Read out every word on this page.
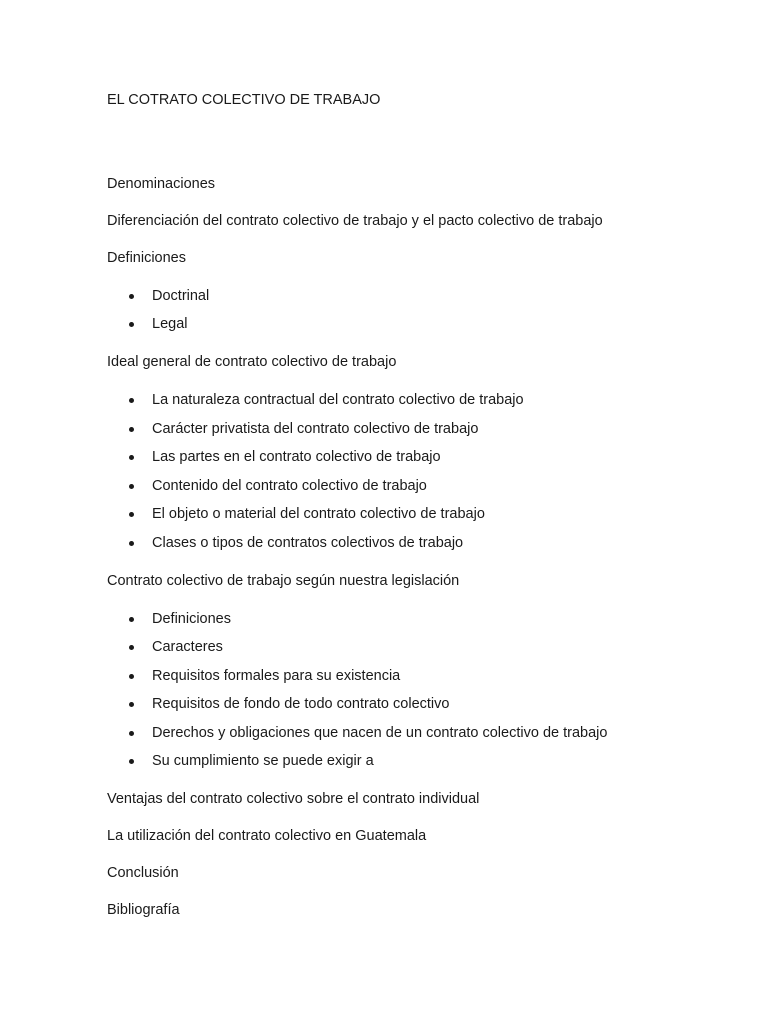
EL COTRATO COLECTIVO DE TRABAJO

Denominaciones

Diferenciación del contrato colectivo de trabajo y el pacto colectivo de trabajo

Definiciones

Doctrinal
Legal

Ideal general de contrato colectivo de trabajo

La naturaleza contractual del contrato colectivo de trabajo
Carácter privatista del contrato colectivo de trabajo
Las partes en el contrato colectivo de trabajo
Contenido del contrato colectivo de trabajo
El objeto o material del contrato colectivo de trabajo
Clases o tipos de contratos colectivos de trabajo

Contrato colectivo de trabajo según nuestra legislación

Definiciones
Caracteres
Requisitos formales para su existencia
Requisitos de fondo de todo contrato colectivo
Derechos y obligaciones que nacen de un contrato colectivo de trabajo
Su cumplimiento se puede exigir a

Ventajas del contrato colectivo sobre el contrato individual

La utilización del contrato colectivo en Guatemala

Conclusión

Bibliografía
